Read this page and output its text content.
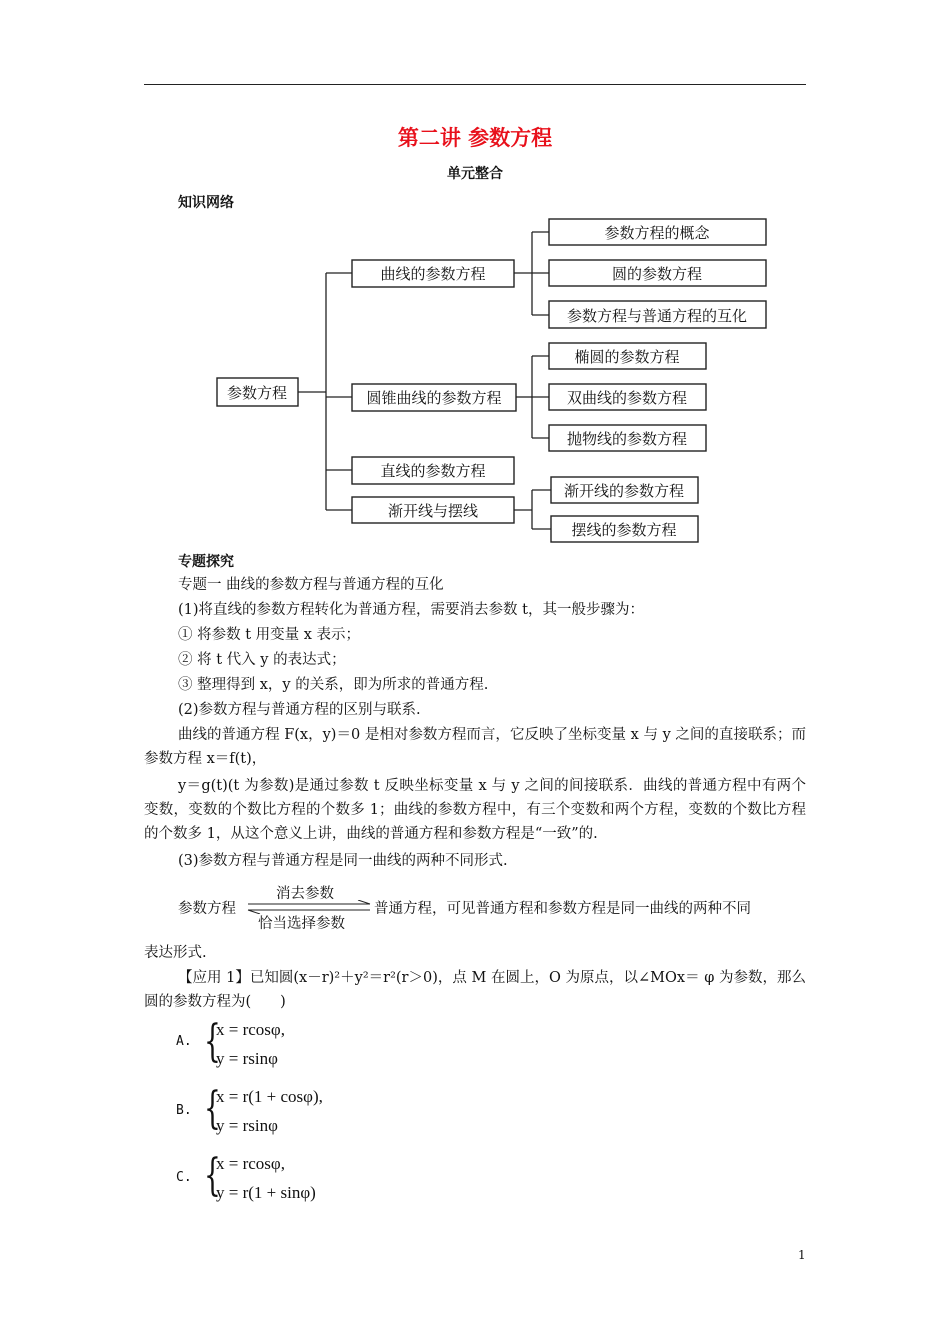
第二讲 参数方程
单元整合
知识网络
参数方程
曲线的参数方程
圆锥曲线的参数方程
直线的参数方程
渐开线与摆线
参数方程的概念
圆的参数方程
参数方程与普通方程的互化
椭圆的参数方程
双曲线的参数方程
抛物线的参数方程
渐开线的参数方程
摆线的参数方程
专题探究
专题一 曲线的参数方程与普通方程的互化
(1)将直线的参数方程转化为普通方程，需要消去参数 t，其一般步骤为：
① 将参数 t 用变量 x 表示；
② 将 t 代入 y 的表达式；
③ 整理得到 x，y 的关系，即为所求的普通方程.
(2)参数方程与普通方程的区别与联系.
曲线的普通方程 F(x，y)＝0 是相对参数方程而言，它反映了坐标变量 x 与 y 之间的直接联系；而参数方程 x＝f(t)，
y＝g(t)(t 为参数)是通过参数 t 反映坐标变量 x 与 y 之间的间接联系．曲线的普通方程中有两个变数，变数的个数比方程的个数多 1；曲线的参数方程中，有三个变数和两个方程，变数的个数比方程的个数多 1，从这个意义上讲，曲线的普通方程和参数方程是“一致”的.
(3)参数方程与普通方程是同一曲线的两种不同形式.
参数方程
消去参数
恰当选择参数
普通方程，可见普通方程和参数方程是同一曲线的两种不同
表达形式.
【应用 1】已知圆(x－r)²＋y²＝r²(r＞0)，点 M 在圆上，O 为原点，以∠MOx＝ φ 为参数，那么圆的参数方程为(　　)
A. {
x = rcosφ,
y = rsinφ
B. {
x = r(1 + cosφ),
y = rsinφ
C. {
x = rcosφ,
y = r(1 + sinφ)
1
